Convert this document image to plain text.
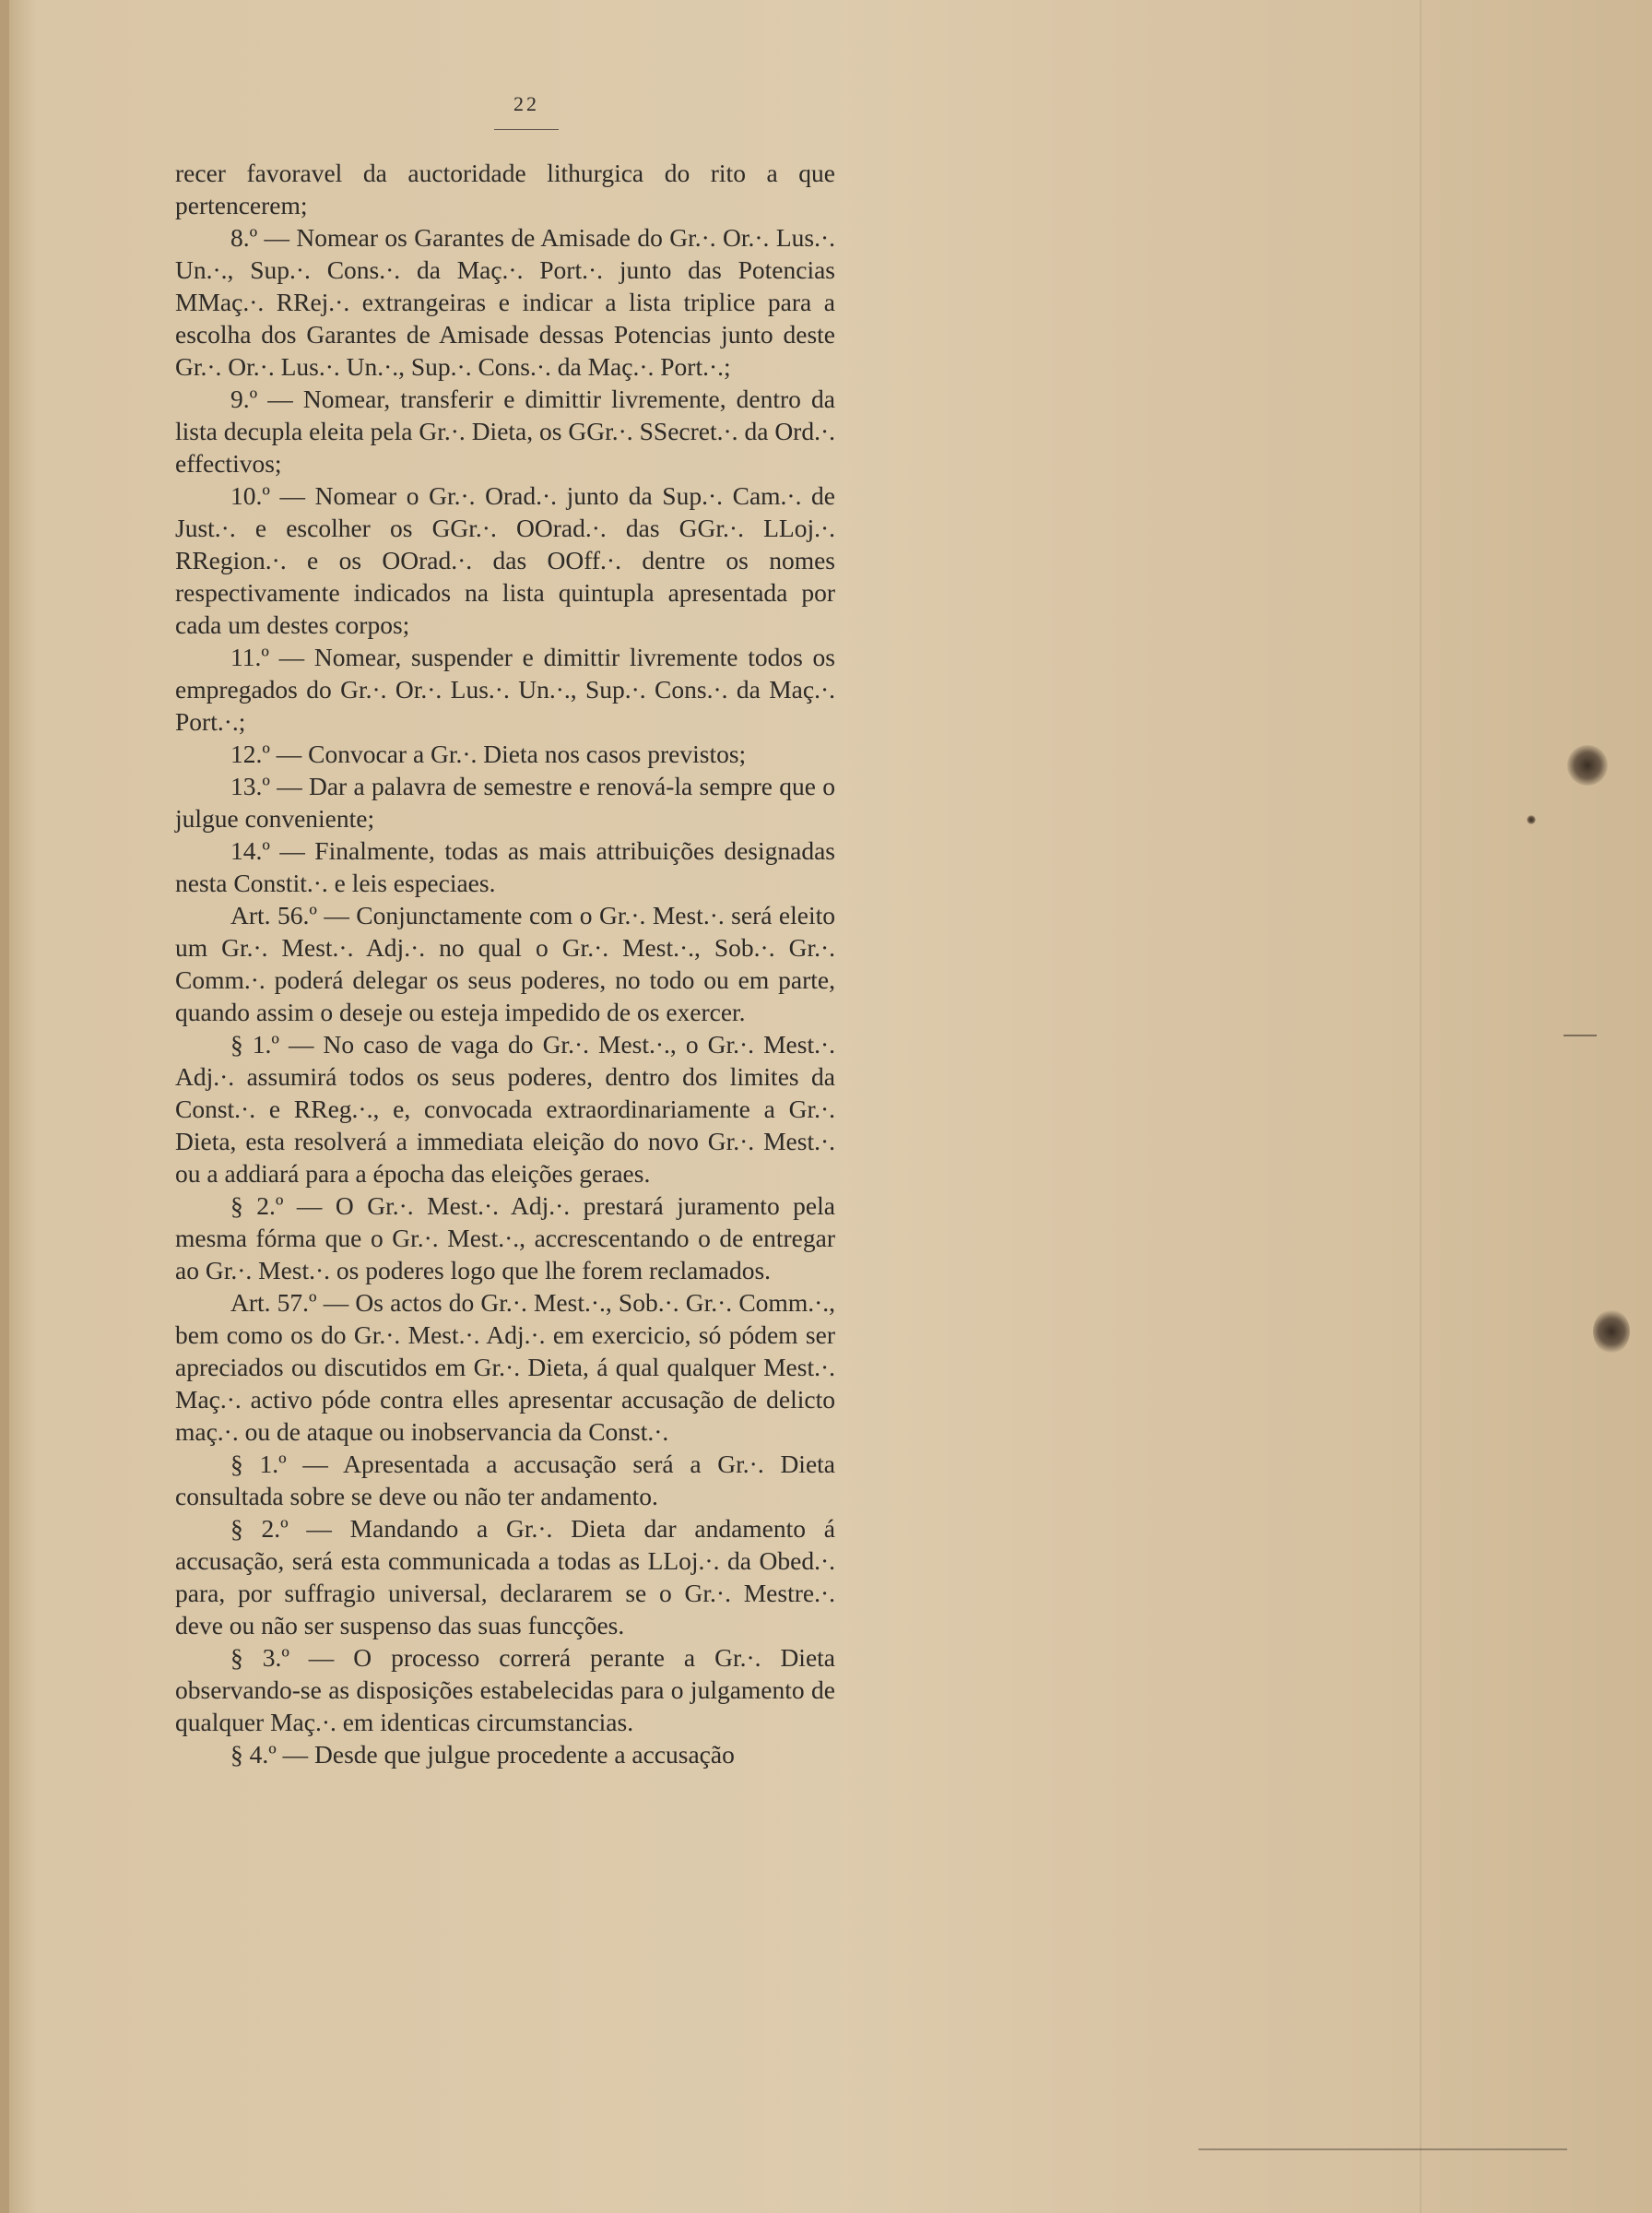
22

recer favoravel da auctoridade lithurgica do rito a que pertencerem;

8.º — Nomear os Garantes de Amisade do Gr.·. Or.·. Lus.·. Un.·., Sup.·. Cons.·. da Maç.·. Port.·. junto das Potencias MMaç.·. RRej.·. extrangeiras e indicar a lista triplice para a escolha dos Garantes de Amisade dessas Potencias junto deste Gr.·. Or.·. Lus.·. Un.·., Sup.·. Cons.·. da Maç.·. Port.·.;

9.º — Nomear, transferir e dimittir livremente, dentro da lista decupla eleita pela Gr.·. Dieta, os GGr.·. SSecret.·. da Ord.·. effectivos;

10.º — Nomear o Gr.·. Orad.·. junto da Sup.·. Cam.·. de Just.·. e escolher os GGr.·. OOrad.·. das GGr.·. LLoj.·. RRegion.·. e os OOrad.·. das OOff.·. dentre os nomes respectivamente indicados na lista quintupla apresentada por cada um destes corpos;

11.º — Nomear, suspender e dimittir livremente todos os empregados do Gr.·. Or.·. Lus.·. Un.·., Sup.·. Cons.·. da Maç.·. Port.·.;

12.º — Convocar a Gr.·. Dieta nos casos previstos;

13.º — Dar a palavra de semestre e renová-la sempre que o julgue conveniente;

14.º — Finalmente, todas as mais attribuições designadas nesta Constit.·. e leis especiaes.

Art. 56.º — Conjunctamente com o Gr.·. Mest.·. será eleito um Gr.·. Mest.·. Adj.·. no qual o Gr.·. Mest.·., Sob.·. Gr.·. Comm.·. poderá delegar os seus poderes, no todo ou em parte, quando assim o deseje ou esteja impedido de os exercer.

§ 1.º — No caso de vaga do Gr.·. Mest.·., o Gr.·. Mest.·. Adj.·. assumirá todos os seus poderes, dentro dos limites da Const.·. e RReg.·., e, convocada extraordinariamente a Gr.·. Dieta, esta resolverá a immediata eleição do novo Gr.·. Mest.·. ou a addiará para a épocha das eleições geraes.

§ 2.º — O Gr.·. Mest.·. Adj.·. prestará juramento pela mesma fórma que o Gr.·. Mest.·., accrescentando o de entregar ao Gr.·. Mest.·. os poderes logo que lhe forem reclamados.

Art. 57.º — Os actos do Gr.·. Mest.·., Sob.·. Gr.·. Comm.·., bem como os do Gr.·. Mest.·. Adj.·. em exercicio, só pódem ser apreciados ou discutidos em Gr.·. Dieta, á qual qualquer Mest.·. Maç.·. activo póde contra elles apresentar accusação de delicto maç.·. ou de ataque ou inobservancia da Const.·.

§ 1.º — Apresentada a accusação será a Gr.·. Dieta consultada sobre se deve ou não ter andamento.

§ 2.º — Mandando a Gr.·. Dieta dar andamento á accusação, será esta communicada a todas as LLoj.·. da Obed.·. para, por suffragio universal, declararem se o Gr.·. Mestre.·. deve ou não ser suspenso das suas funcções.

§ 3.º — O processo correrá perante a Gr.·. Dieta observando-se as disposições estabelecidas para o julgamento de qualquer Maç.·. em identicas circumstancias.

§ 4.º — Desde que julgue procedente a accusação
